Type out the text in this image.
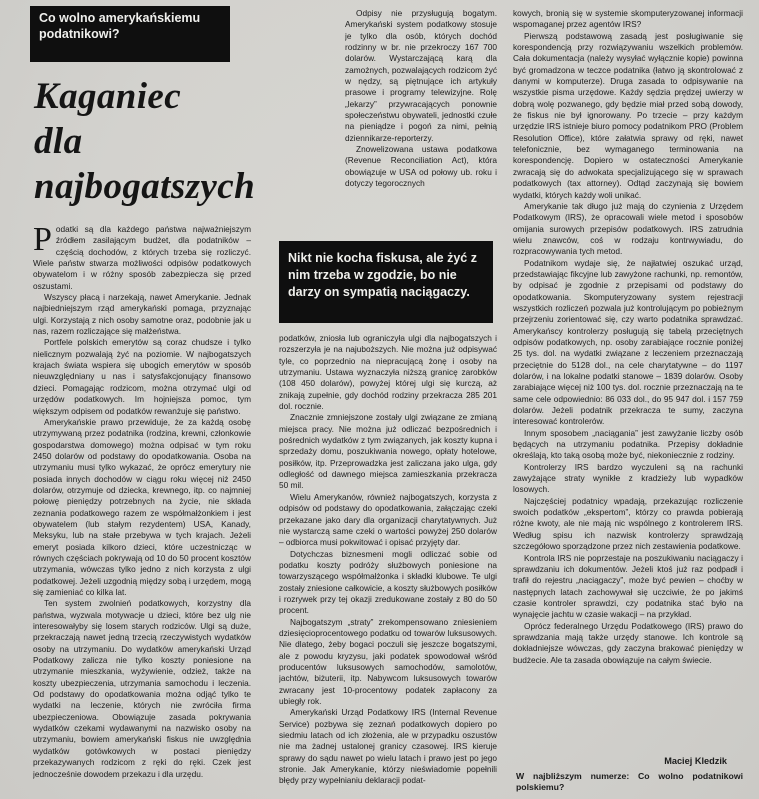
Co wolno amerykańskiemu podatnikowi?
Kaganiec
dla
najbogatszych

Podatki są dla każdego państwa najważniejszym źródłem zasilającym budżet, dla podatników – częścią dochodów, z których trzeba się rozliczyć. Wiele państw stwarza możliwości odpisów podatkowych obywatelom i w różny sposób zabezpiecza się przed oszustami.

Wszyscy płacą i narzekają, nawet Amerykanie. Jednak najbiedniejszym rząd amerykański pomaga, przyznając ulgi. Korzystają z nich osoby samotne oraz, podobnie jak u nas, razem rozliczające się małżeństwa.

Portfele polskich emerytów są coraz chudsze i tylko nielicznym pozwalają żyć na poziomie. W najbogatszych krajach świata wspiera się ubogich emerytów w sposób nieuwzględniany u nas i satysfakcjonujący finansowo dzieci. Pomagając rodzicom, można otrzymać ulgi od urzędów podatkowych. Im hojniejsza pomoc, tym większym odpisem od podatków rewanżuje się państwo.

Amerykańskie prawo przewiduje, że za każdą osobę utrzymywaną przez podatnika (rodzina, krewni, członkowie gospodarstwa domowego) można odpisać w tym roku 2450 dolarów od podstawy do opodatkowania. Osoba na utrzymaniu musi tylko wykazać, że oprócz emerytury nie posiada innych dochodów w ciągu roku więcej niż 2450 dolarów, otrzymuje od dziecka, krewnego, itp. co najmniej połowę pieniędzy potrzebnych na życie, nie składa zeznania podatkowego razem ze współmałżonkiem i jest obywatelem (lub stałym rezydentem) USA, Kanady, Meksyku, lub na stałe przebywa w tych krajach. Jeżeli emeryt posiada kilkoro dzieci, które uczestnicząc w równych częściach pokrywają od 10 do 50 procent kosztów utrzymania, wówczas tylko jedno z nich korzysta z ulgi podatkowej. Jeżeli uzgodnią między sobą i urzędem, mogą się zamieniać co kilka lat.

Ten system zwolnień podatkowych, korzystny dla państwa, wyzwala motywacje u dzieci, które bez ulg nie interesowałyby się losem starych rodziców. Ulgi są duże, przekraczają nawet jedną trzecią rzeczywistych wydatków osoby na utrzymaniu. Do wydatków amerykański Urząd Podatkowy zalicza nie tylko koszty poniesione na utrzymanie mieszkania, wyżywienie, odzież, także na koszty ubezpieczenia, utrzymania samochodu i leczenia. Od podstawy do opodatkowania można odjąć tylko te wydatki na leczenie, których nie zwróciła firma ubezpieczeniowa. Obowiązuje zasada pokrywania wydatków czekami wydawanymi na nazwisko osoby na utrzymaniu, bowiem amerykański fiskus nie uwzględnia wydatków gotówkowych w postaci pieniędzy przekazywanych rodzicom z ręki do ręki. Czek jest jednocześnie dowodem przekazu i dla urzędu.

Odpisy nie przysługują bogatym. Amerykański system podatkowy stosuje je tylko dla osób, których dochód rodzinny w br. nie przekroczy 167 700 dolarów. Wystarczającą karą dla zamożnych, pozwalających rodzicom żyć w nędzy, są piętnujące ich artykuły prasowe i programy telewizyjne. Rolę „lekarzy” przywracających ponownie społeczeństwu obywateli, jednostki czułe na pieniądze i pogoń za nimi, pełnią dziennikarze-reporterzy.

Znowelizowana ustawa podatkowa (Revenue Reconciliation Act), która obowiązuje w USA od połowy ub. roku i dotyczy tegorocznych

Nikt nie kocha fiskusa, ale żyć z nim trzeba w zgodzie, bo nie darzy on sympatią naciągaczy.

podatków, zniosła lub ograniczyła ulgi dla najbogatszych i rozszerzyła je na najuboższych. Nie można już odpisywać tyle, co poprzednio na niepracującą żonę i osoby na utrzymaniu. Ustawa wyznaczyła niższą granicę zarobków (108 450 dolarów), powyżej której ulgi się kurczą, aż znikają zupełnie, gdy dochód rodziny przekracza 285 201 dol. rocznie.

Znacznie zmniejszone zostały ulgi związane ze zmianą miejsca pracy. Nie można już odliczać bezpośrednich i pośrednich wydatków z tym związanych, jak koszty kupna i sprzedaży domu, poszukiwania nowego, opłaty hotelowe, posiłków, itp. Przeprowadzka jest zaliczana jako ulga, gdy odległość od dawnego miejsca zamieszkania przekracza 50 mil.

Wielu Amerykanów, również najbogatszych, korzysta z odpisów od podstawy do opodatkowania, załączając czeki przekazane jako dary dla organizacji charytatywnych. Już nie wystarczą same czeki o wartości powyżej 250 dolarów – odbiorca musi pokwitować i opisać przyjęty dar.

Dotychczas biznesmeni mogli odliczać sobie od podatku koszty podróży służbowych poniesione na towarzyszącego współmałżonka i składki klubowe. Te ulgi zostały zniesione całkowicie, a koszty służbowych posiłków i rozrywek przy tej okazji zredukowane zostały z 80 do 50 procent.

Najbogatszym „straty” zrekompensowano zniesieniem dziesięcioprocentowego podatku od towarów luksusowych. Nie dlatego, żeby bogaci poczuli się jeszcze bogatszymi, ale z powodu kryzysu, jaki podatek spowodował wśród producentów luksusowych samochodów, samolotów, jachtów, biżuterii, itp. Nabywcom luksusowych towarów zwracany jest 10-procentowy podatek zapłacony za ubiegły rok.

Amerykański Urząd Podatkowy IRS (Internal Revenue Service) pozbywa się zeznań podatkowych dopiero po siedmiu latach od ich złożenia, ale w przypadku oszustów nie ma żadnej ustalonej granicy czasowej. IRS kieruje sprawy do sądu nawet po wielu latach i prawo jest po jego stronie. Jak Amerykanie, którzy nieświadomie popełnili błędy przy wypełnianiu deklaracji podat-

kowych, bronią się w systemie skomputeryzowanej informacji wspomaganej przez agentów IRS?

Pierwszą podstawową zasadą jest posługiwanie się korespondencją przy rozwiązywaniu wszelkich problemów. Cała dokumentacja (należy wysyłać wyłącznie kopie) powinna być gromadzona w teczce podatnika (łatwo ją skontrolować z danymi w komputerze). Druga zasada to odpisywanie na wszystkie pisma urzędowe. Każdy sędzia prędzej uwierzy w dobrą wolę pozwanego, gdy będzie miał przed sobą dowody, że fiskus nie był ignorowany. Po trzecie – przy każdym urzędzie IRS istnieje biuro pomocy podatnikom PRO (Problem Resolution Office), które załatwia sprawy od ręki, nawet telefonicznie, bez wymaganego terminowania na korespondencję. Dopiero w ostateczności Amerykanie zwracają się do adwokata specjalizującego się w sprawach podatkowych (tax attorney). Odtąd zaczynają się bowiem wydatki, których każdy woli unikać.

Amerykanie tak długo już mają do czynienia z Urzędem Podatkowym (IRS), że opracowali wiele metod i sposobów omijania surowych przepisów podatkowych. IRS zatrudnia wielu znawców, coś w rodzaju kontrwywiadu, do rozpracowywania tych metod.

Podatnikom wydaje się, że najłatwiej oszukać urząd, przedstawiając fikcyjne lub zawyżone rachunki, np. remontów, by odpisać je zgodnie z przepisami od podstawy do opodatkowania. Skomputeryzowany system rejestracji wszystkich rozliczeń pozwala już kontrolującym po pobieżnym przejrzeniu zorientować się, czy warto podatnika sprawdzać. Amerykańscy kontrolerzy posługują się tabelą przeciętnych odpisów podatkowych, np. osoby zarabiające rocznie poniżej 25 tys. dol. na wydatki związane z leczeniem przeznaczają przeciętnie do 5128 dol., na cele charytatywne – do 1197 dolarów, i na lokalne podatki stanowe – 1839 dolarów. Osoby zarabiające więcej niż 100 tys. dol. rocznie przeznaczają na te same cele odpowiednio: 86 033 dol., do 95 947 dol. i 157 759 dolarów. Jeżeli podatnik przekracza te sumy, zaczyna interesować kontrolerów.

Innym sposobem „naciągania” jest zawyżanie liczby osób będących na utrzymaniu podatnika. Przepisy dokładnie określają, kto taką osobą może być, niekoniecznie z rodziny.

Kontrolerzy IRS bardzo wyczuleni są na rachunki zawyżające straty wynikłe z kradzieży lub wypadków losowych.

Najczęściej podatnicy wpadają, przekazując rozliczenie swoich podatków „ekspertom”, którzy co prawda pobierają różne kwoty, ale nie mają nic wspólnego z kontrolerem IRS. Według spisu ich nazwisk kontrolerzy sprawdzają szczegółowo sporządzone przez nich zestawienia podatkowe.

Kontrola IRS nie poprzestaje na poszukiwaniu naciągaczy i sprawdzaniu ich dokumentów. Jeżeli ktoś już raz podpadł i trafił do rejestru „naciągaczy”, może być pewien – choćby w następnych latach zachowywał się uczciwie, że po jakimś czasie kontroler sprawdzi, czy podatnika stać było na wynajęcie jachtu w czasie wakacji – na przykład.

Oprócz federalnego Urzędu Podatkowego (IRS) prawo do sprawdzania mają także urzędy stanowe. Ich kontrole są dokładniejsze wówczas, gdy zaczyna brakować pieniędzy w budżecie. Ale ta zasada obowiązuje na całym świecie.

Maciej Kledzik
W najbliższym numerze: Co wolno podatnikowi polskiemu?
